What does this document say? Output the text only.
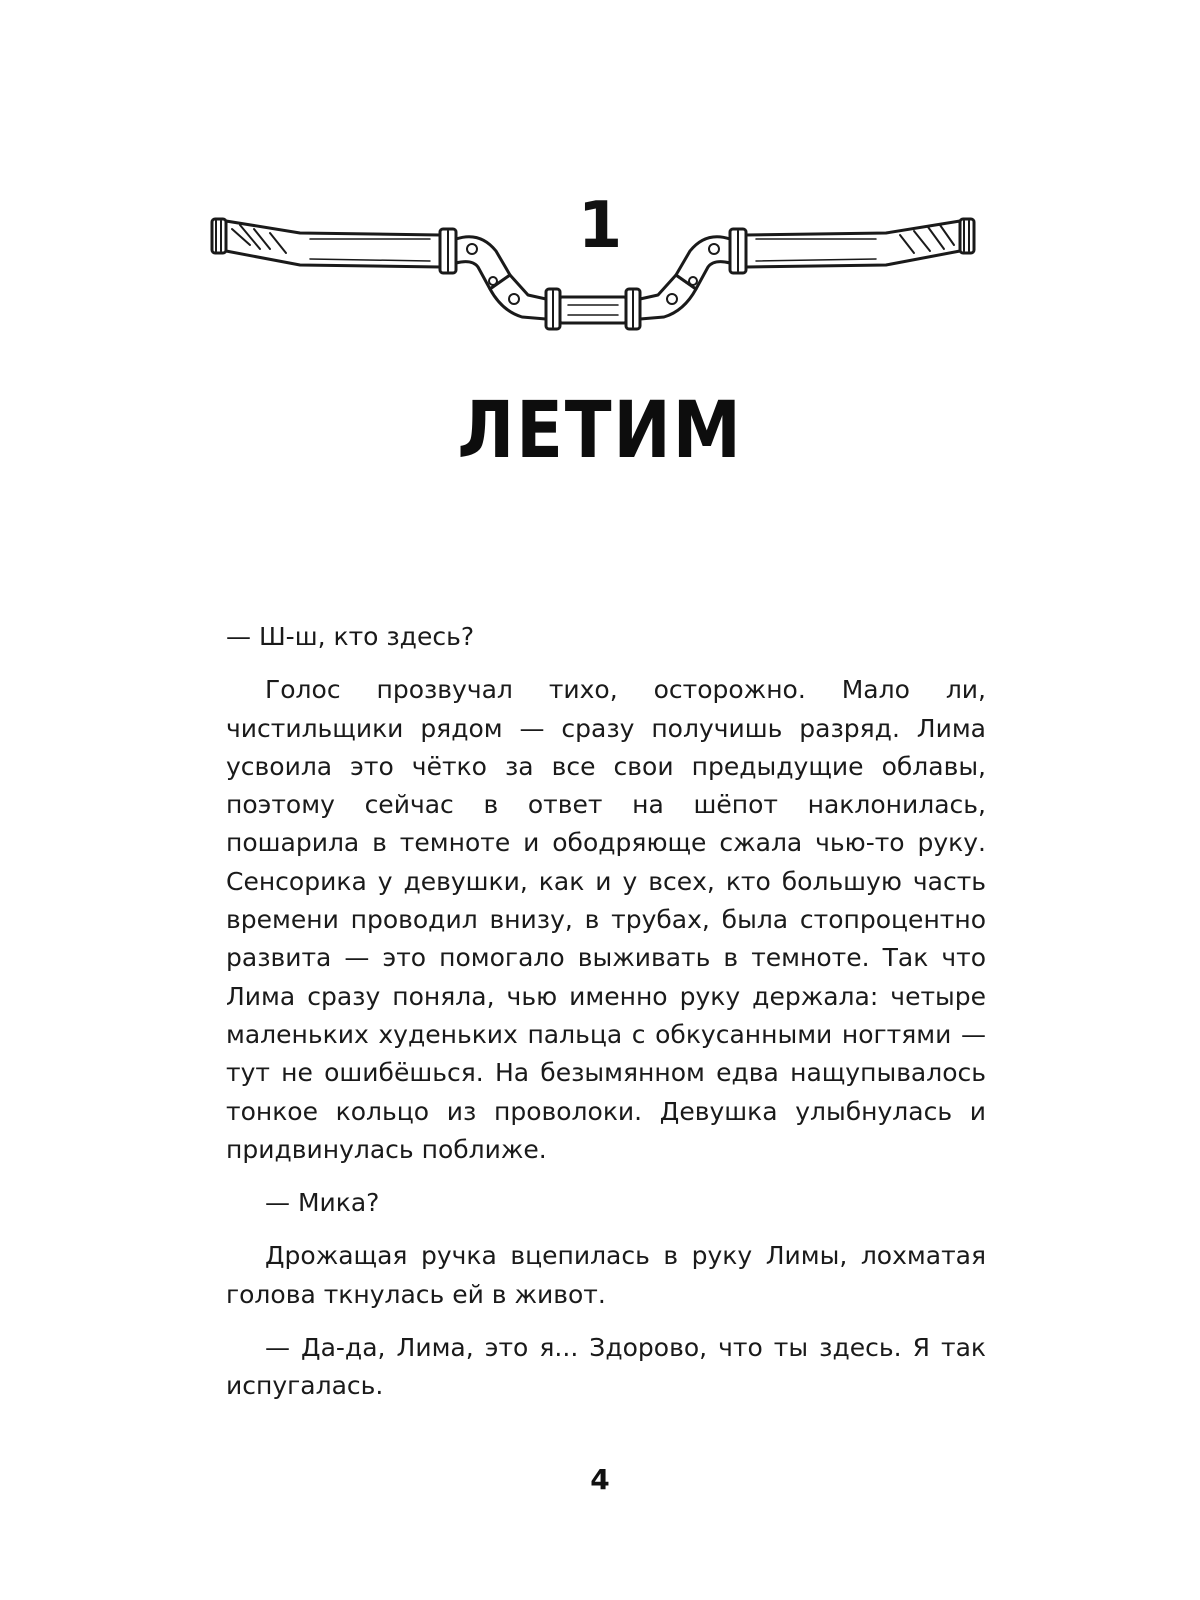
1
ЛЕТИМ

— Ш-ш, кто здесь?

Голос прозвучал тихо, осторожно. Мало ли, чистильщики рядом — сразу получишь разряд. Лима усвоила это чётко за все свои предыдущие облавы, поэтому сейчас в ответ на шёпот наклонилась, пошарила в темноте и ободряюще сжала чью-то руку. Сенсорика у девушки, как и у всех, кто большую часть времени проводил внизу, в трубах, была стопроцентно развита — это помогало выживать в темноте. Так что Лима сразу поняла, чью именно руку держала: четыре маленьких худеньких пальца с обкусанными ногтями — тут не ошибёшься. На безымянном едва нащупывалось тонкое кольцо из проволоки. Девушка улыбнулась и придвинулась поближе.

— Мика?

Дрожащая ручка вцепилась в руку Лимы, лохматая голова ткнулась ей в живот.

— Да-да, Лима, это я... Здорово, что ты здесь. Я так испугалась.

4
